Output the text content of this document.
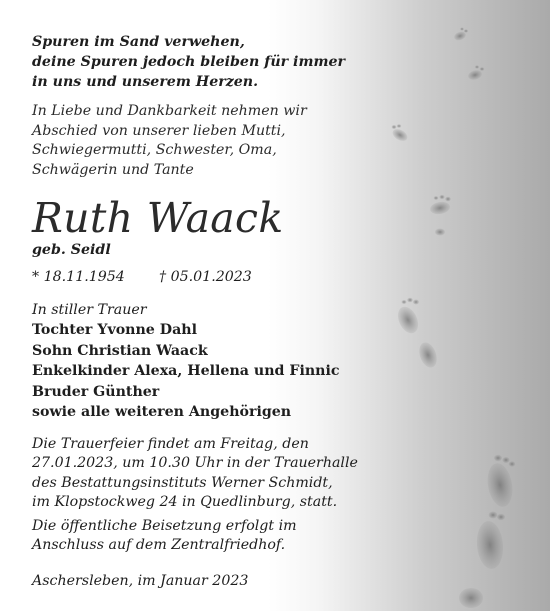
Spuren im Sand verwehen,
deine Spuren jedoch bleiben für immer
in uns und unserem Herzen.
In Liebe und Dankbarkeit nehmen wir
Abschied von unserer lieben Mutti,
Schwiegermutti, Schwester, Oma,
Schwägerin und Tante
Ruth Waack
geb. Seidl
* 18.11.1954 † 05.01.2023
In stiller Trauer
Tochter Yvonne Dahl
Sohn Christian Waack
Enkelkinder Alexa, Hellena und Finnic
Bruder Günther
sowie alle weiteren Angehörigen
Die Trauerfeier findet am Freitag, den
27.01.2023, um 10.30 Uhr in der Trauerhalle
des Bestattungsinstituts Werner Schmidt,
im Klopstockweg 24 in Quedlinburg, statt.
Die öffentliche Beisetzung erfolgt im
Anschluss auf dem Zentralfriedhof.
Aschersleben, im Januar 2023
